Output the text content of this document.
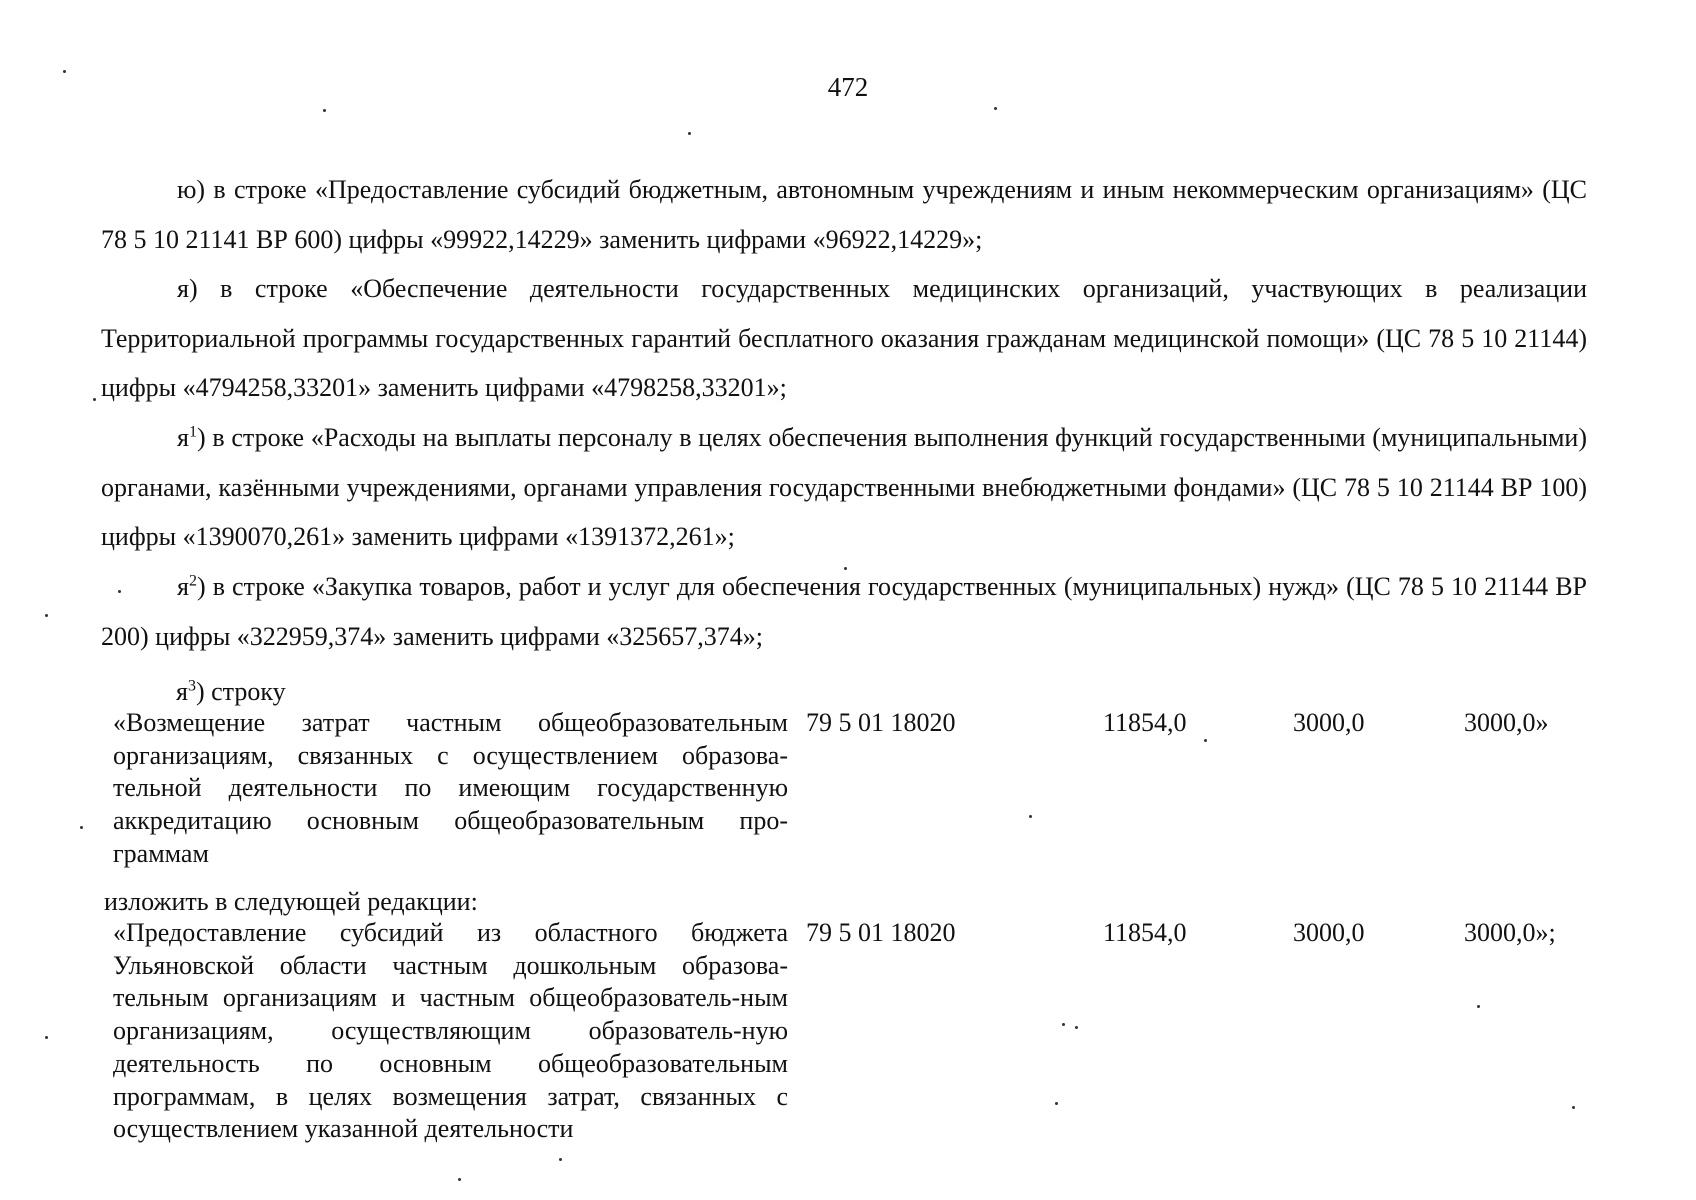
472
ю) в строке «Предоставление субсидий бюджетным, автономным учреждениям и иным некоммерческим организациям» (ЦС 78 5 10 21141 ВР 600) цифры «99922,14229» заменить цифрами «96922,14229»;
я) в строке «Обеспечение деятельности государственных медицинских организаций, участвующих в реализации Территориальной программы государственных гарантий бесплатного оказания гражданам медицинской помощи» (ЦС 78 5 10 21144) цифры «4794258,33201» заменить цифрами «4798258,33201»;
$я^1$) в строке «Расходы на выплаты персоналу в целях обеспечения выполнения функций государственными (муниципальными) органами, казёнными учреждениями, органами управления государственными внебюджетными фондами» (ЦС 78 5 10 21144 ВР 100) цифры «1390070,261» заменить цифрами «1391372,261»;
$я^2$) в строке «Закупка товаров, работ и услуг для обеспечения государственных (муниципальных) нужд» (ЦС 78 5 10 21144 ВР 200) цифры «322959,374» заменить цифрами «325657,374»;
$я^3$) строку
«Возмещение затрат частным общеобразовательным организациям, связанных с осуществлением образова-тельной деятельности по имеющим государственную аккредитацию основным общеобразовательным про-граммам
79 5 01 18020	11854,0	3000,0	3000,0»
изложить в следующей редакции:
«Предоставление субсидий из областного бюджета Ульяновской области частным дошкольным образова-тельным организациям и частным общеобразователь-ным организациям, осуществляющим образователь-ную деятельность по основным общеобразовательным программам, в целях возмещения затрат, связанных с осуществлением указанной деятельности
79 5 01 18020	11854,0	3000,0	3000,0»;
